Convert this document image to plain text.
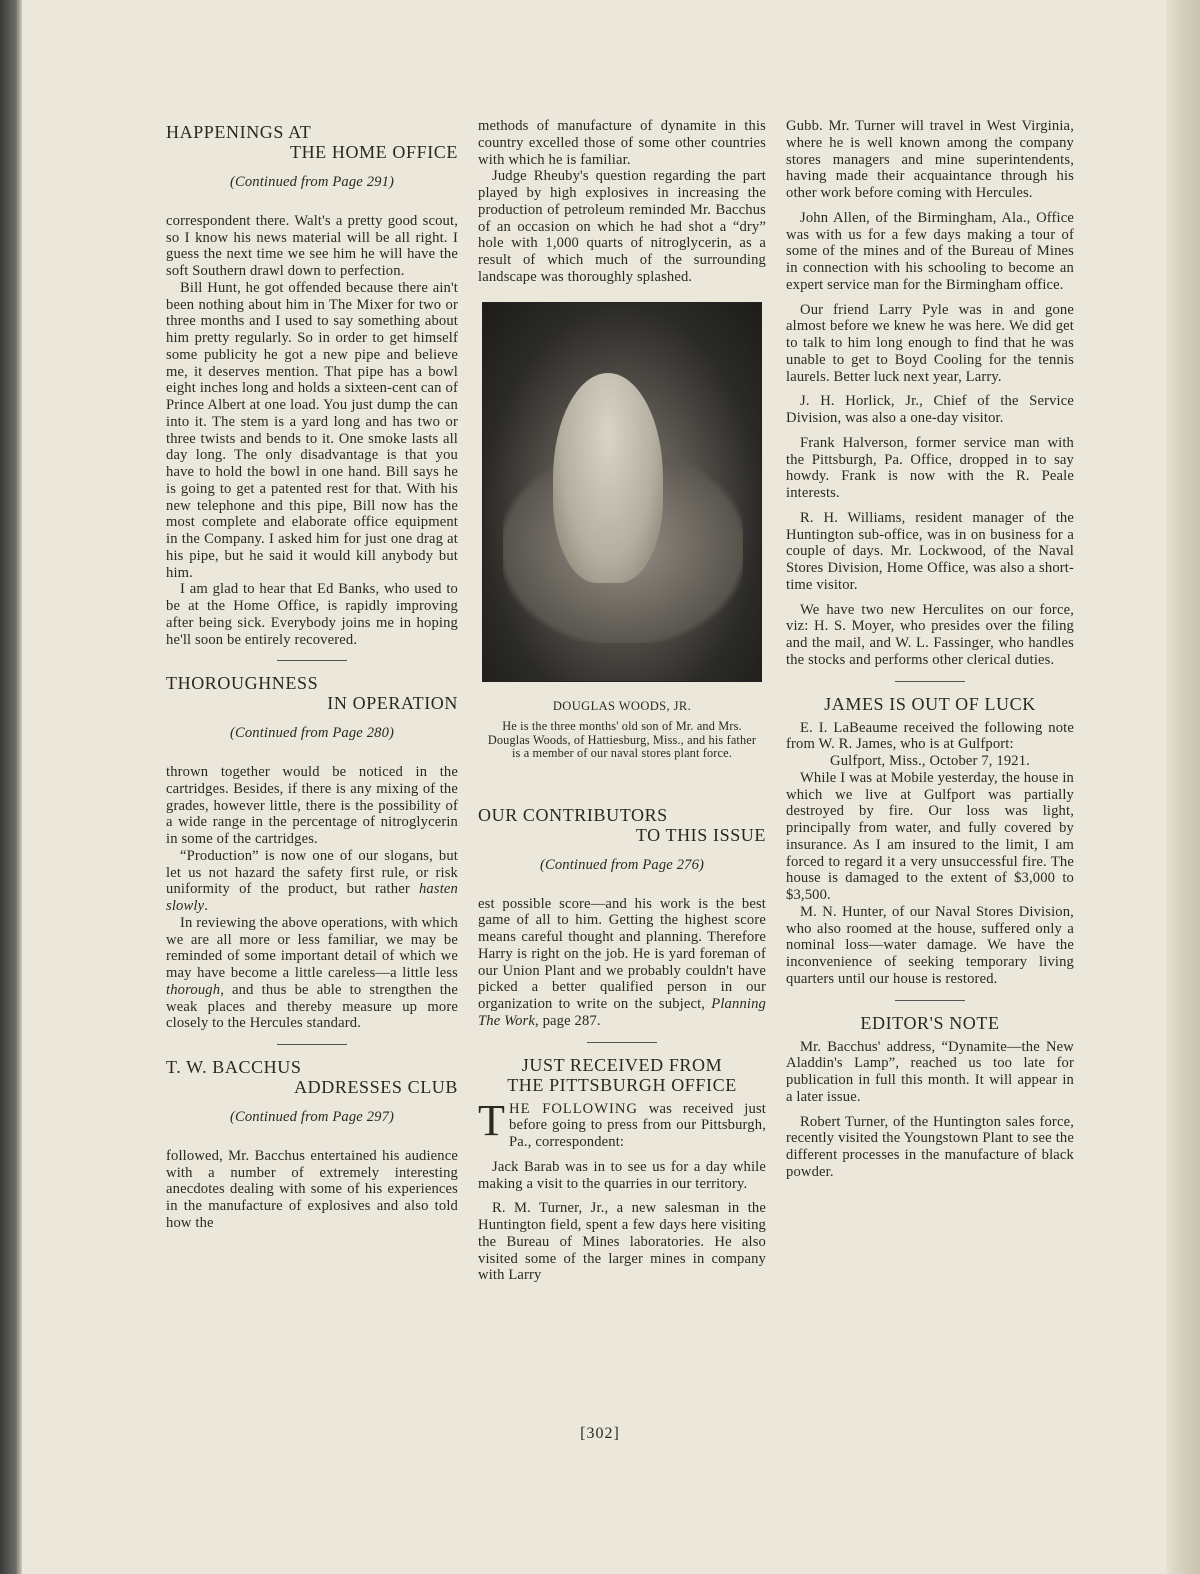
HAPPENINGS AT
THE HOME OFFICE
(Continued from Page 291)

correspondent there. Walt's a pretty good scout, so I know his news material will be all right. I guess the next time we see him he will have the soft Southern drawl down to perfection.

Bill Hunt, he got offended because there ain't been nothing about him in The Mixer for two or three months and I used to say something about him pretty regularly. So in order to get himself some publicity he got a new pipe and believe me, it deserves mention. That pipe has a bowl eight inches long and holds a sixteen-cent can of Prince Albert at one load. You just dump the can into it. The stem is a yard long and has two or three twists and bends to it. One smoke lasts all day long. The only disadvantage is that you have to hold the bowl in one hand. Bill says he is going to get a patented rest for that. With his new telephone and this pipe, Bill now has the most complete and elaborate office equipment in the Company. I asked him for just one drag at his pipe, but he said it would kill anybody but him.

I am glad to hear that Ed Banks, who used to be at the Home Office, is rapidly improving after being sick. Everybody joins me in hoping he'll soon be entirely recovered.

THOROUGHNESS
IN OPERATION
(Continued from Page 280)

thrown together would be noticed in the cartridges. Besides, if there is any mixing of the grades, however little, there is the possibility of a wide range in the percentage of nitroglycerin in some of the cartridges.

“Production” is now one of our slogans, but let us not hazard the safety first rule, or risk uniformity of the product, but rather hasten slowly.

In reviewing the above operations, with which we are all more or less familiar, we may be reminded of some important detail of which we may have become a little careless—a little less thorough, and thus be able to strengthen the weak places and thereby measure up more closely to the Hercules standard.

T. W. BACCHUS
ADDRESSES CLUB
(Continued from Page 297)

followed, Mr. Bacchus entertained his audience with a number of extremely interesting anecdotes dealing with some of his experiences in the manufacture of explosives and also told how the

methods of manufacture of dynamite in this country excelled those of some other countries with which he is familiar.

Judge Rheuby's question regarding the part played by high explosives in increasing the production of petroleum reminded Mr. Bacchus of an occasion on which he had shot a “dry” hole with 1,000 quarts of nitroglycerin, as a result of which much of the surrounding landscape was thoroughly splashed.

DOUGLAS WOODS, JR.
He is the three months' old son of Mr. and Mrs. Douglas Woods, of Hattiesburg, Miss., and his father is a member of our naval stores plant force.
OUR CONTRIBUTORS
TO THIS ISSUE
(Continued from Page 276)

est possible score—and his work is the best game of all to him. Getting the highest score means careful thought and planning. Therefore Harry is right on the job. He is yard foreman of our Union Plant and we probably couldn't have picked a better qualified person in our organization to write on the subject, Planning The Work, page 287.

JUST RECEIVED FROM
THE PITTSBURGH OFFICE

THE FOLLOWING was received just before going to press from our Pittsburgh, Pa., correspondent:

Jack Barab was in to see us for a day while making a visit to the quarries in our territory.

R. M. Turner, Jr., a new salesman in the Huntington field, spent a few days here visiting the Bureau of Mines laboratories. He also visited some of the larger mines in company with Larry

Gubb. Mr. Turner will travel in West Virginia, where he is well known among the company stores managers and mine superintendents, having made their acquaintance through his other work before coming with Hercules.

John Allen, of the Birmingham, Ala., Office was with us for a few days making a tour of some of the mines and of the Bureau of Mines in connection with his schooling to become an expert service man for the Birmingham office.

Our friend Larry Pyle was in and gone almost before we knew he was here. We did get to talk to him long enough to find that he was unable to get to Boyd Cooling for the tennis laurels. Better luck next year, Larry.

J. H. Horlick, Jr., Chief of the Service Division, was also a one-day visitor.

Frank Halverson, former service man with the Pittsburgh, Pa. Office, dropped in to say howdy. Frank is now with the R. Peale interests.

R. H. Williams, resident manager of the Huntington sub-office, was in on business for a couple of days. Mr. Lockwood, of the Naval Stores Division, Home Office, was also a short-time visitor.

We have two new Herculites on our force, viz: H. S. Moyer, who presides over the filing and the mail, and W. L. Fassinger, who handles the stocks and performs other clerical duties.

JAMES IS OUT OF LUCK

E. I. LaBeaume received the following note from W. R. James, who is at Gulfport:

Gulfport, Miss., October 7, 1921.

While I was at Mobile yesterday, the house in which we live at Gulfport was partially destroyed by fire. Our loss was light, principally from water, and fully covered by insurance. As I am insured to the limit, I am forced to regard it a very unsuccessful fire. The house is damaged to the extent of $3,000 to $3,500.

M. N. Hunter, of our Naval Stores Division, who also roomed at the house, suffered only a nominal loss—water damage. We have the inconvenience of seeking temporary living quarters until our house is restored.

EDITOR'S NOTE

Mr. Bacchus' address, “Dynamite—the New Aladdin's Lamp”, reached us too late for publication in full this month. It will appear in a later issue.

Robert Turner, of the Huntington sales force, recently visited the Youngstown Plant to see the different processes in the manufacture of black powder.

[302]
